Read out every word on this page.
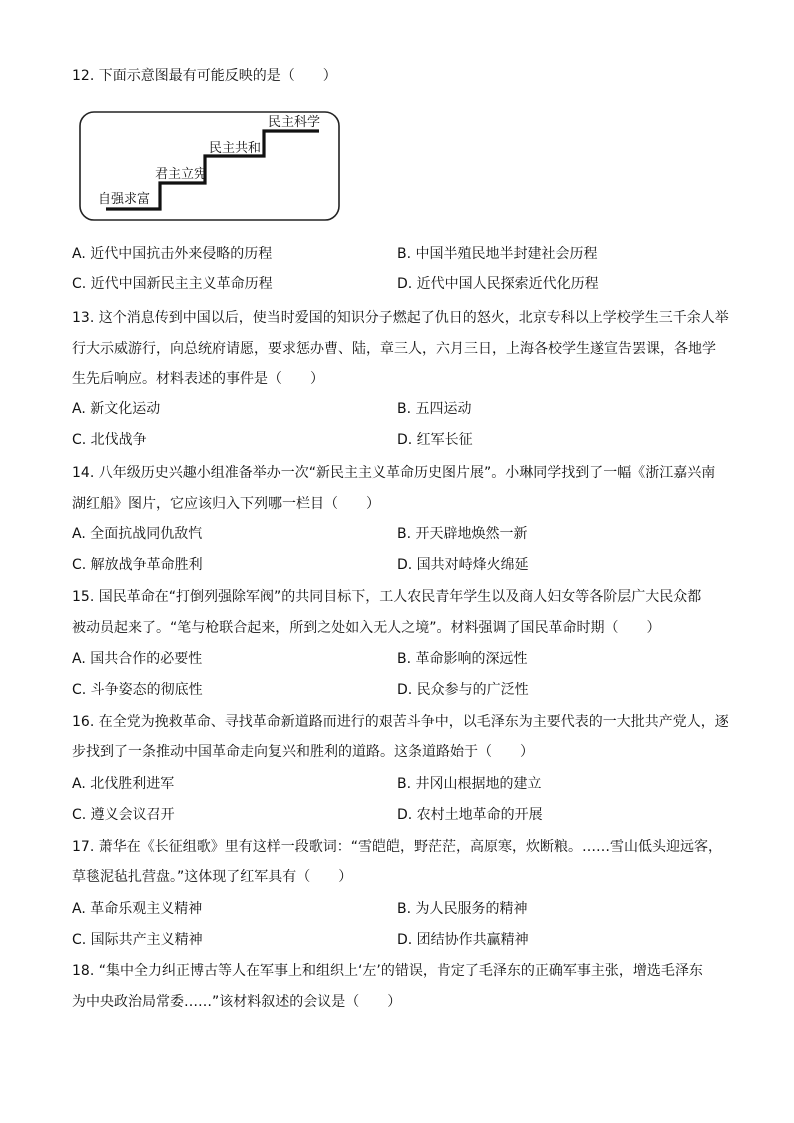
12. 下面示意图最有可能反映的是（　　）
自强求富
君主立宪
民主共和
民主科学
A. 近代中国抗击外来侵略的历程	B. 中国半殖民地半封建社会历程
C. 近代中国新民主主义革命历程	D. 近代中国人民探索近代化历程
13. 这个消息传到中国以后，使当时爱国的知识分子燃起了仇日的怒火，北京专科以上学校学生三千余人举
行大示威游行，向总统府请愿，要求惩办曹、陆，章三人，六月三日，上海各校学生遂宣告罢课，各地学
生先后响应。材料表述的事件是（　　）
A. 新文化运动	B. 五四运动
C. 北伐战争	D. 红军长征
14. 八年级历史兴趣小组准备举办一次“新民主主义革命历史图片展”。小琳同学找到了一幅《浙江嘉兴南
湖红船》图片，它应该归入下列哪一栏目（　　）
A. 全面抗战同仇敌忾	B. 开天辟地焕然一新
C. 解放战争革命胜利	D. 国共对峙烽火绵延
15. 国民革命在“打倒列强除军阀”的共同目标下，工人农民青年学生以及商人妇女等各阶层广大民众都
被动员起来了。“笔与枪联合起来，所到之处如入无人之境”。材料强调了国民革命时期（　　）
A. 国共合作的必要性	B. 革命影响的深远性
C. 斗争姿态的彻底性	D. 民众参与的广泛性
16. 在全党为挽救革命、寻找革命新道路而进行的艰苦斗争中，以毛泽东为主要代表的一大批共产党人，逐
步找到了一条推动中国革命走向复兴和胜利的道路。这条道路始于（　　）
A. 北伐胜利进军	B. 井冈山根据地的建立
C. 遵义会议召开	D. 农村土地革命的开展
17. 萧华在《长征组歌》里有这样一段歌词：“雪皑皑，野茫茫，高原寒，炊断粮。……雪山低头迎远客，
草毯泥毡扎营盘。”这体现了红军具有（　　）
A. 革命乐观主义精神	B. 为人民服务的精神
C. 国际共产主义精神	D. 团结协作共赢精神
18. “集中全力纠正博古等人在军事上和组织上‘左’的错误，肯定了毛泽东的正确军事主张，增选毛泽东
为中央政治局常委……”该材料叙述的会议是（　　）
